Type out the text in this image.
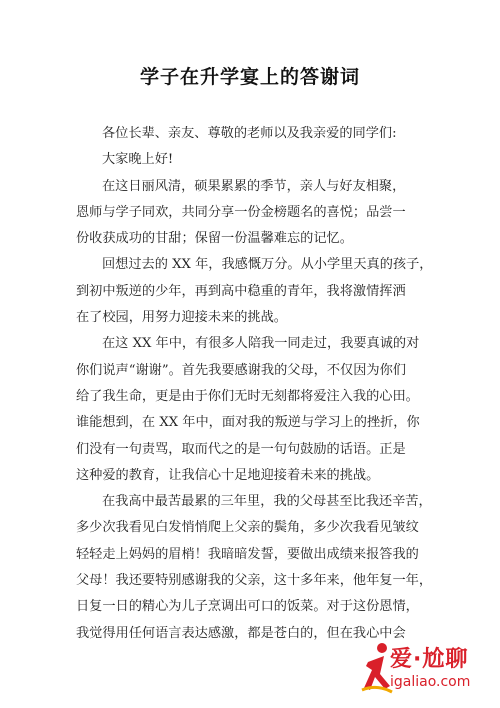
学子在升学宴上的答谢词
各位长辈、亲友、尊敬的老师以及我亲爱的同学们:
大家晚上好!
在这日丽风清，硕果累累的季节，亲人与好友相聚，
恩师与学子同欢，共同分享一份金榜题名的喜悦；品尝一
份收获成功的甘甜；保留一份温馨难忘的记忆。
回想过去的 XX 年，我感慨万分。从小学里天真的孩子，
到初中叛逆的少年，再到高中稳重的青年，我将激情挥洒
在了校园，用努力迎接未来的挑战。
在这 XX 年中，有很多人陪我一同走过，我要真诚的对
你们说声“谢谢”。首先我要感谢我的父母，不仅因为你们
给了我生命，更是由于你们无时无刻都将爱注入我的心田。
谁能想到，在 XX 年中，面对我的叛逆与学习上的挫折，你
们没有一句责骂，取而代之的是一句句鼓励的话语。正是
这种爱的教育，让我信心十足地迎接着未来的挑战。
在我高中最苦最累的三年里，我的父母甚至比我还辛苦，
多少次我看见白发悄悄爬上父亲的鬓角，多少次我看见皱纹
轻轻走上妈妈的眉梢！我暗暗发誓，要做出成绩来报答我的
父母！我还要特别感谢我的父亲，这十多年来，他年复一年，
日复一日的精心为儿子烹调出可口的饭菜。对于这份恩情，
我觉得用任何语言表达感激，都是苍白的，但在我心中会
爱·尬聊
igaliao.com
